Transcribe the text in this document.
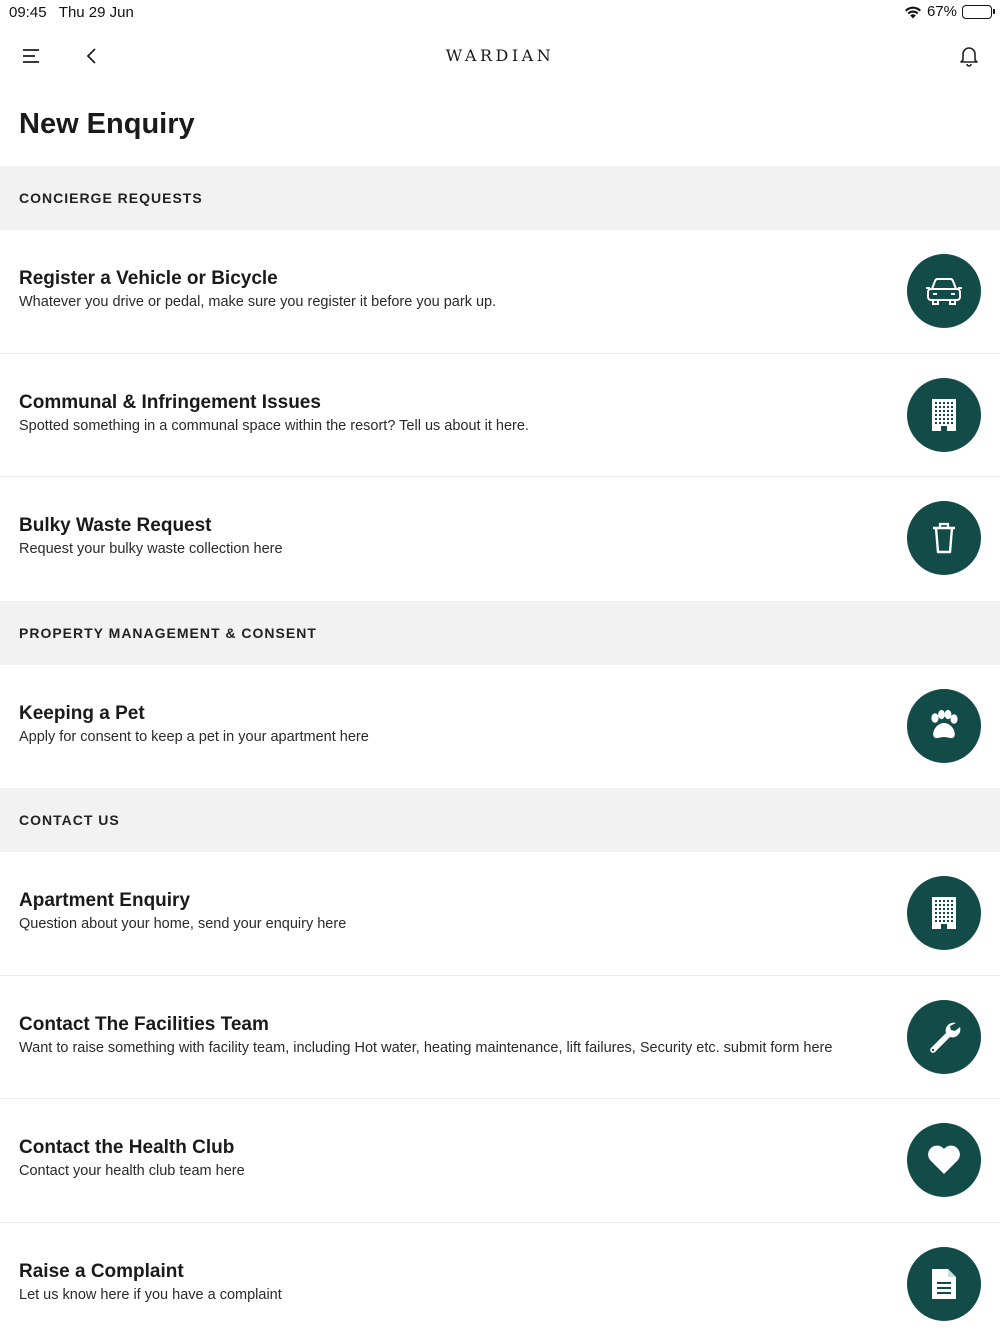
09:45 Thu 29 Jun	67%
WARDIAN
New Enquiry
CONCIERGE REQUESTS
Register a Vehicle or Bicycle
Whatever you drive or pedal, make sure you register it before you park up.
Communal & Infringement Issues
Spotted something in a communal space within the resort? Tell us about it here.
Bulky Waste Request
Request your bulky waste collection here
PROPERTY MANAGEMENT & CONSENT
Keeping a Pet
Apply for consent to keep a pet in your apartment here
CONTACT US
Apartment Enquiry
Question about your home, send your enquiry here
Contact The Facilities Team
Want to raise something with facility team, including Hot water, heating maintenance, lift failures, Security etc. submit form here
Contact the Health Club
Contact your health club team here
Raise a Complaint
Let us know here if you have a complaint
